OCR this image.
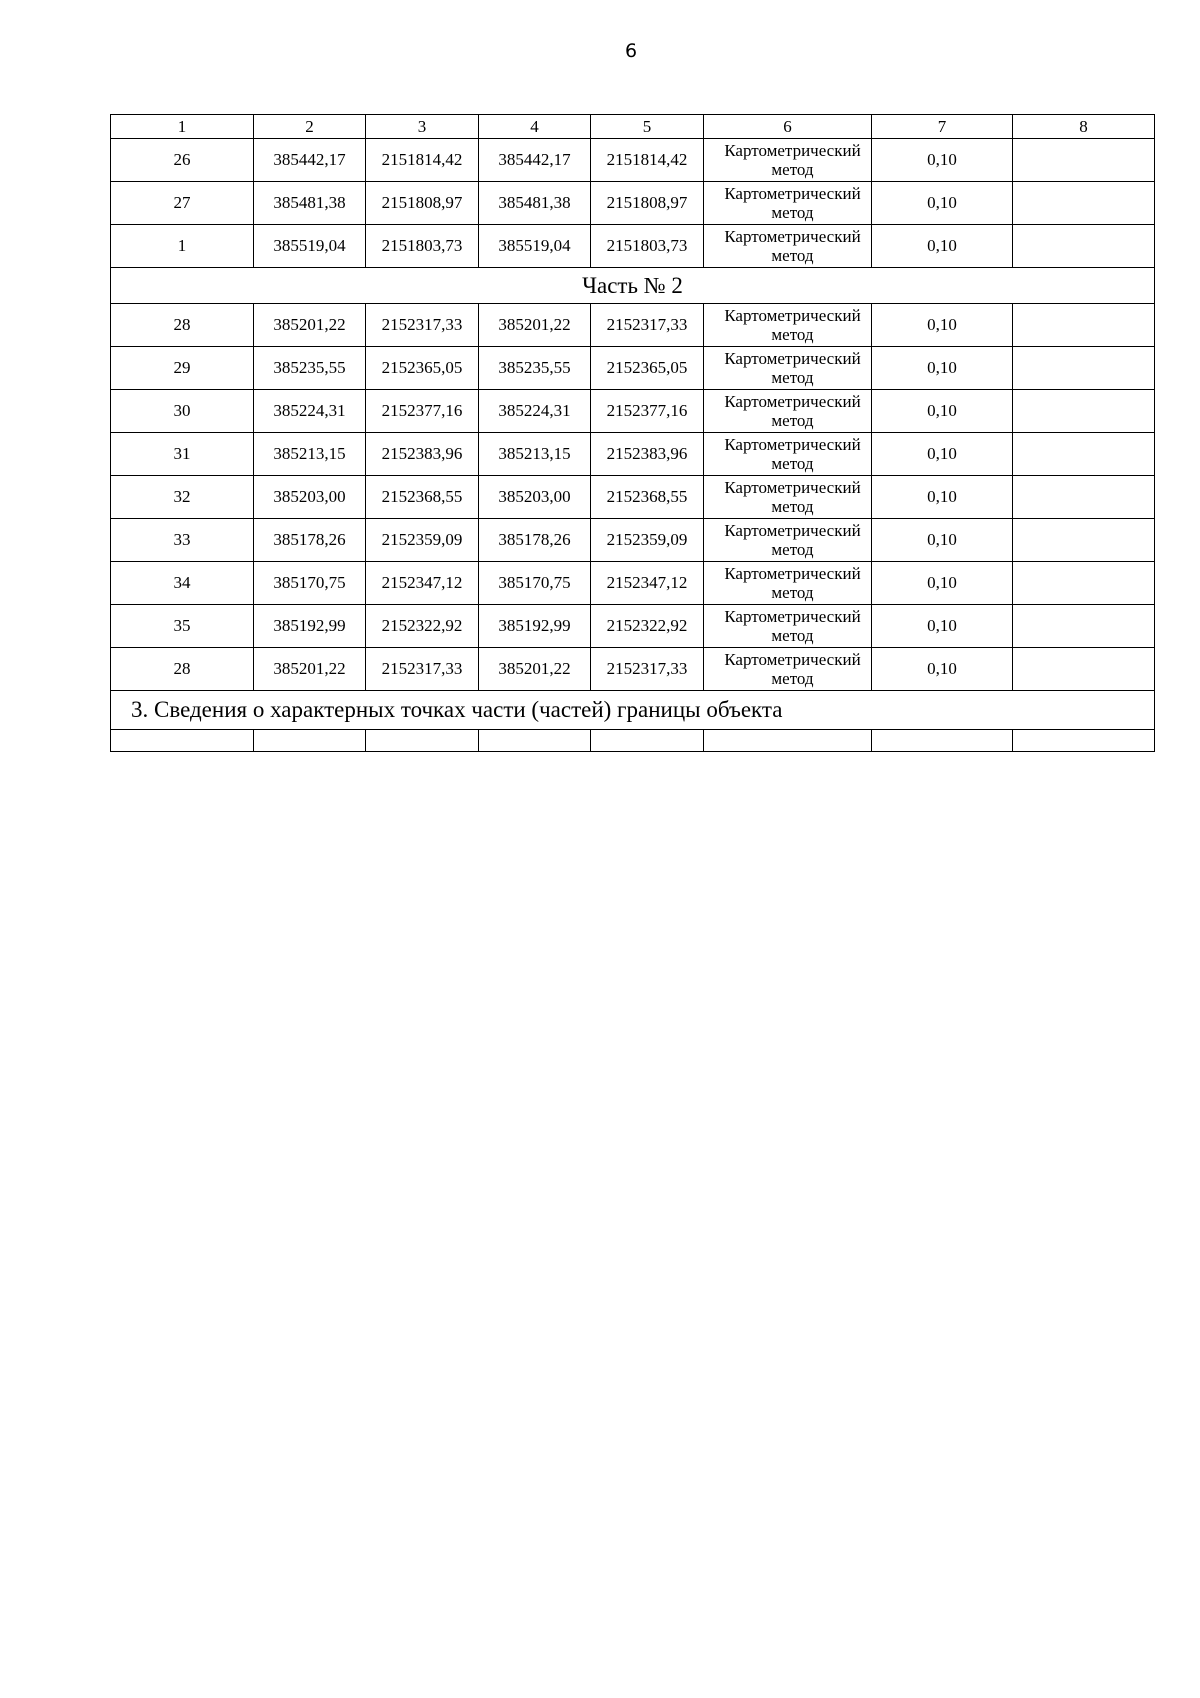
6
1	2	3	4	5	6	7	8
26	385442,17	2151814,42	385442,17	2151814,42	Картометрический метод	0,10	
27	385481,38	2151808,97	385481,38	2151808,97	Картометрический метод	0,10	
1	385519,04	2151803,73	385519,04	2151803,73	Картометрический метод	0,10	
Часть № 2							
28	385201,22	2152317,33	385201,22	2152317,33	Картометрический метод	0,10	
29	385235,55	2152365,05	385235,55	2152365,05	Картометрический метод	0,10	
30	385224,31	2152377,16	385224,31	2152377,16	Картометрический метод	0,10	
31	385213,15	2152383,96	385213,15	2152383,96	Картометрический метод	0,10	
32	385203,00	2152368,55	385203,00	2152368,55	Картометрический метод	0,10	
33	385178,26	2152359,09	385178,26	2152359,09	Картометрический метод	0,10	
34	385170,75	2152347,12	385170,75	2152347,12	Картометрический метод	0,10	
35	385192,99	2152322,92	385192,99	2152322,92	Картометрический метод	0,10	
28	385201,22	2152317,33	385201,22	2152317,33	Картометрический метод	0,10	
3. Сведения о характерных точках части (частей) границы объекта							
